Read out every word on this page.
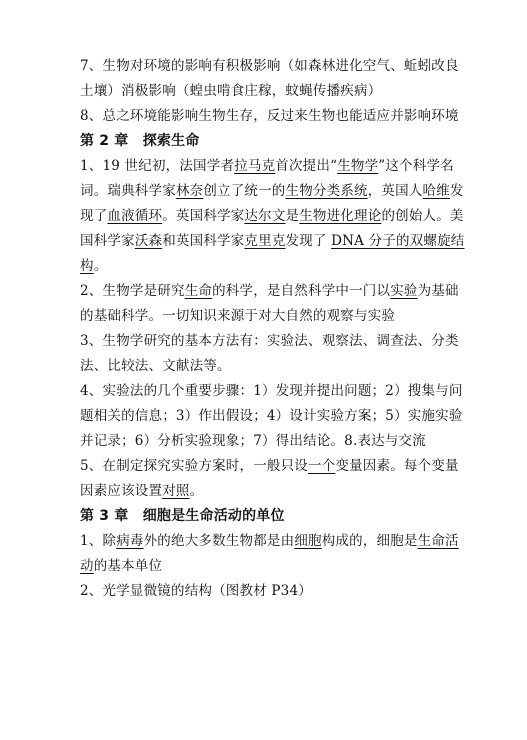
7、生物对环境的影响有积极影响（如森林进化空气、蚯蚓改良
土壤）消极影响（蝗虫啃食庄稼，蚊蝇传播疾病）
8、总之环境能影响生物生存，反过来生物也能适应并影响环境
第 2 章　探索生命
1、19 世纪初，法国学者拉马克首次提出“生物学”这个科学名
词。瑞典科学家林奈创立了统一的生物分类系统，英国人哈维发
现了血液循环。英国科学家达尔文是生物进化理论的创始人。美
国科学家沃森和英国科学家克里克发现了 DNA 分子的双螺旋结
构。
2、生物学是研究生命的科学，是自然科学中一门以实验为基础
的基础科学。一切知识来源于对大自然的观察与实验
3、生物学研究的基本方法有：实验法、观察法、调查法、分类
法、比较法、文献法等。
4、实验法的几个重要步骤：1）发现并提出问题；2）搜集与问
题相关的信息；3）作出假设；4）设计实验方案；5）实施实验
并记录；6）分析实验现象；7）得出结论。8.表达与交流
5、在制定探究实验方案时，一般只设一个变量因素。每个变量
因素应该设置对照。
第 3 章　细胞是生命活动的单位
1、除病毒外的绝大多数生物都是由细胞构成的，细胞是生命活
动的基本单位
2、光学显微镜的结构（图教材 P34）
